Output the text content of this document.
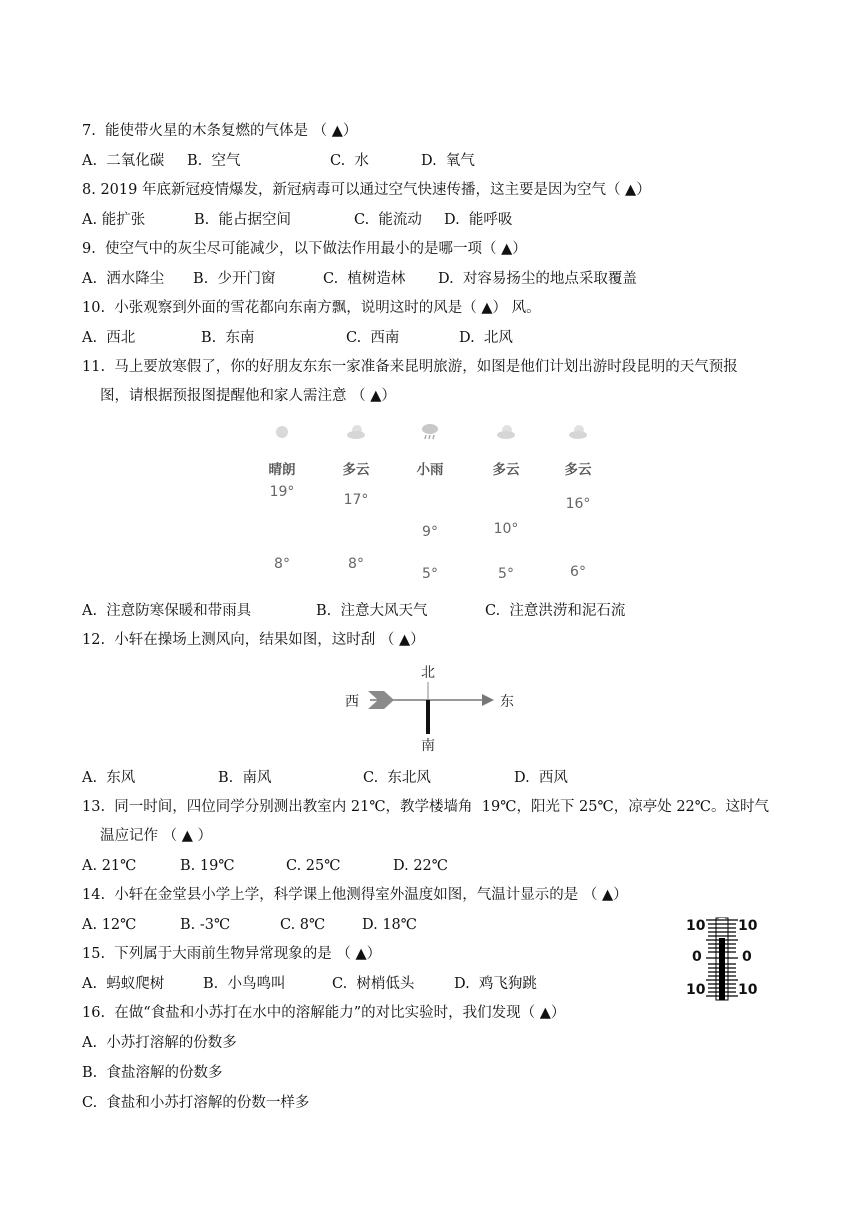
7.  能使带火星的木条复燃的气体是 （ ▲）
A.  二氧化碳 B.  空气	C.  水	D.  氧气
8. 2019 年底新冠疫情爆发，新冠病毒可以通过空气快速传播，这主要是因为空气（ ▲）
A. 能扩张	B.  能占据空间	C.  能流动 D.  能呼吸
9.  使空气中的灰尘尽可能减少，以下做法作用最小的是哪一项（ ▲）
A.  洒水降尘 B.  少开门窗	C.  植树造林 D.  对容易扬尘的地点采取覆盖
10.  小张观察到外面的雪花都向东南方飘，说明这时的风是（ ▲） 风。
A.  西北	B.  东南	C.  西南	D.  北风
11.  马上要放寒假了，你的好朋友东东一家准备来昆明旅游，如图是他们计划出游时段昆明的天气预报
图，请根据预报图提醒他和家人需注意 （ ▲）
晴朗
19°
8°
多云
17°
8°
小雨
9°
5°
多云
10°
5°
多云
16°
6°
A.  注意防寒保暖和带雨具	B.  注意大风天气	C.  注意洪涝和泥石流
12.  小轩在操场上测风向，结果如图，这时刮 （ ▲）
北
南
东
西
A.  东风	B.  南风	C.  东北风	D.  西风
13.  同一时间，四位同学分别测出教室内 21℃，教学楼墙角  19℃，阳光下 25℃，凉亭处 22℃。这时气
温应记作 （ ▲ ）
A. 21℃	B. 19℃	C. 25℃	D. 22℃
14.  小轩在金堂县小学上学，科学课上他测得室外温度如图，气温计显示的是 （ ▲）
A. 12℃	B. -3℃	C. 8℃	D. 18℃	10 10
0	0
10 10
15.  下列属于大雨前生物异常现象的是 （ ▲）
A.  蚂蚁爬树	B.  小鸟鸣叫	C.  树梢低头	D.  鸡飞狗跳
16.  在做“食盐和小苏打在水中的溶解能力”的对比实验时，我们发现（ ▲）
A.  小苏打溶解的份数多
B.  食盐溶解的份数多
C.  食盐和小苏打溶解的份数一样多
